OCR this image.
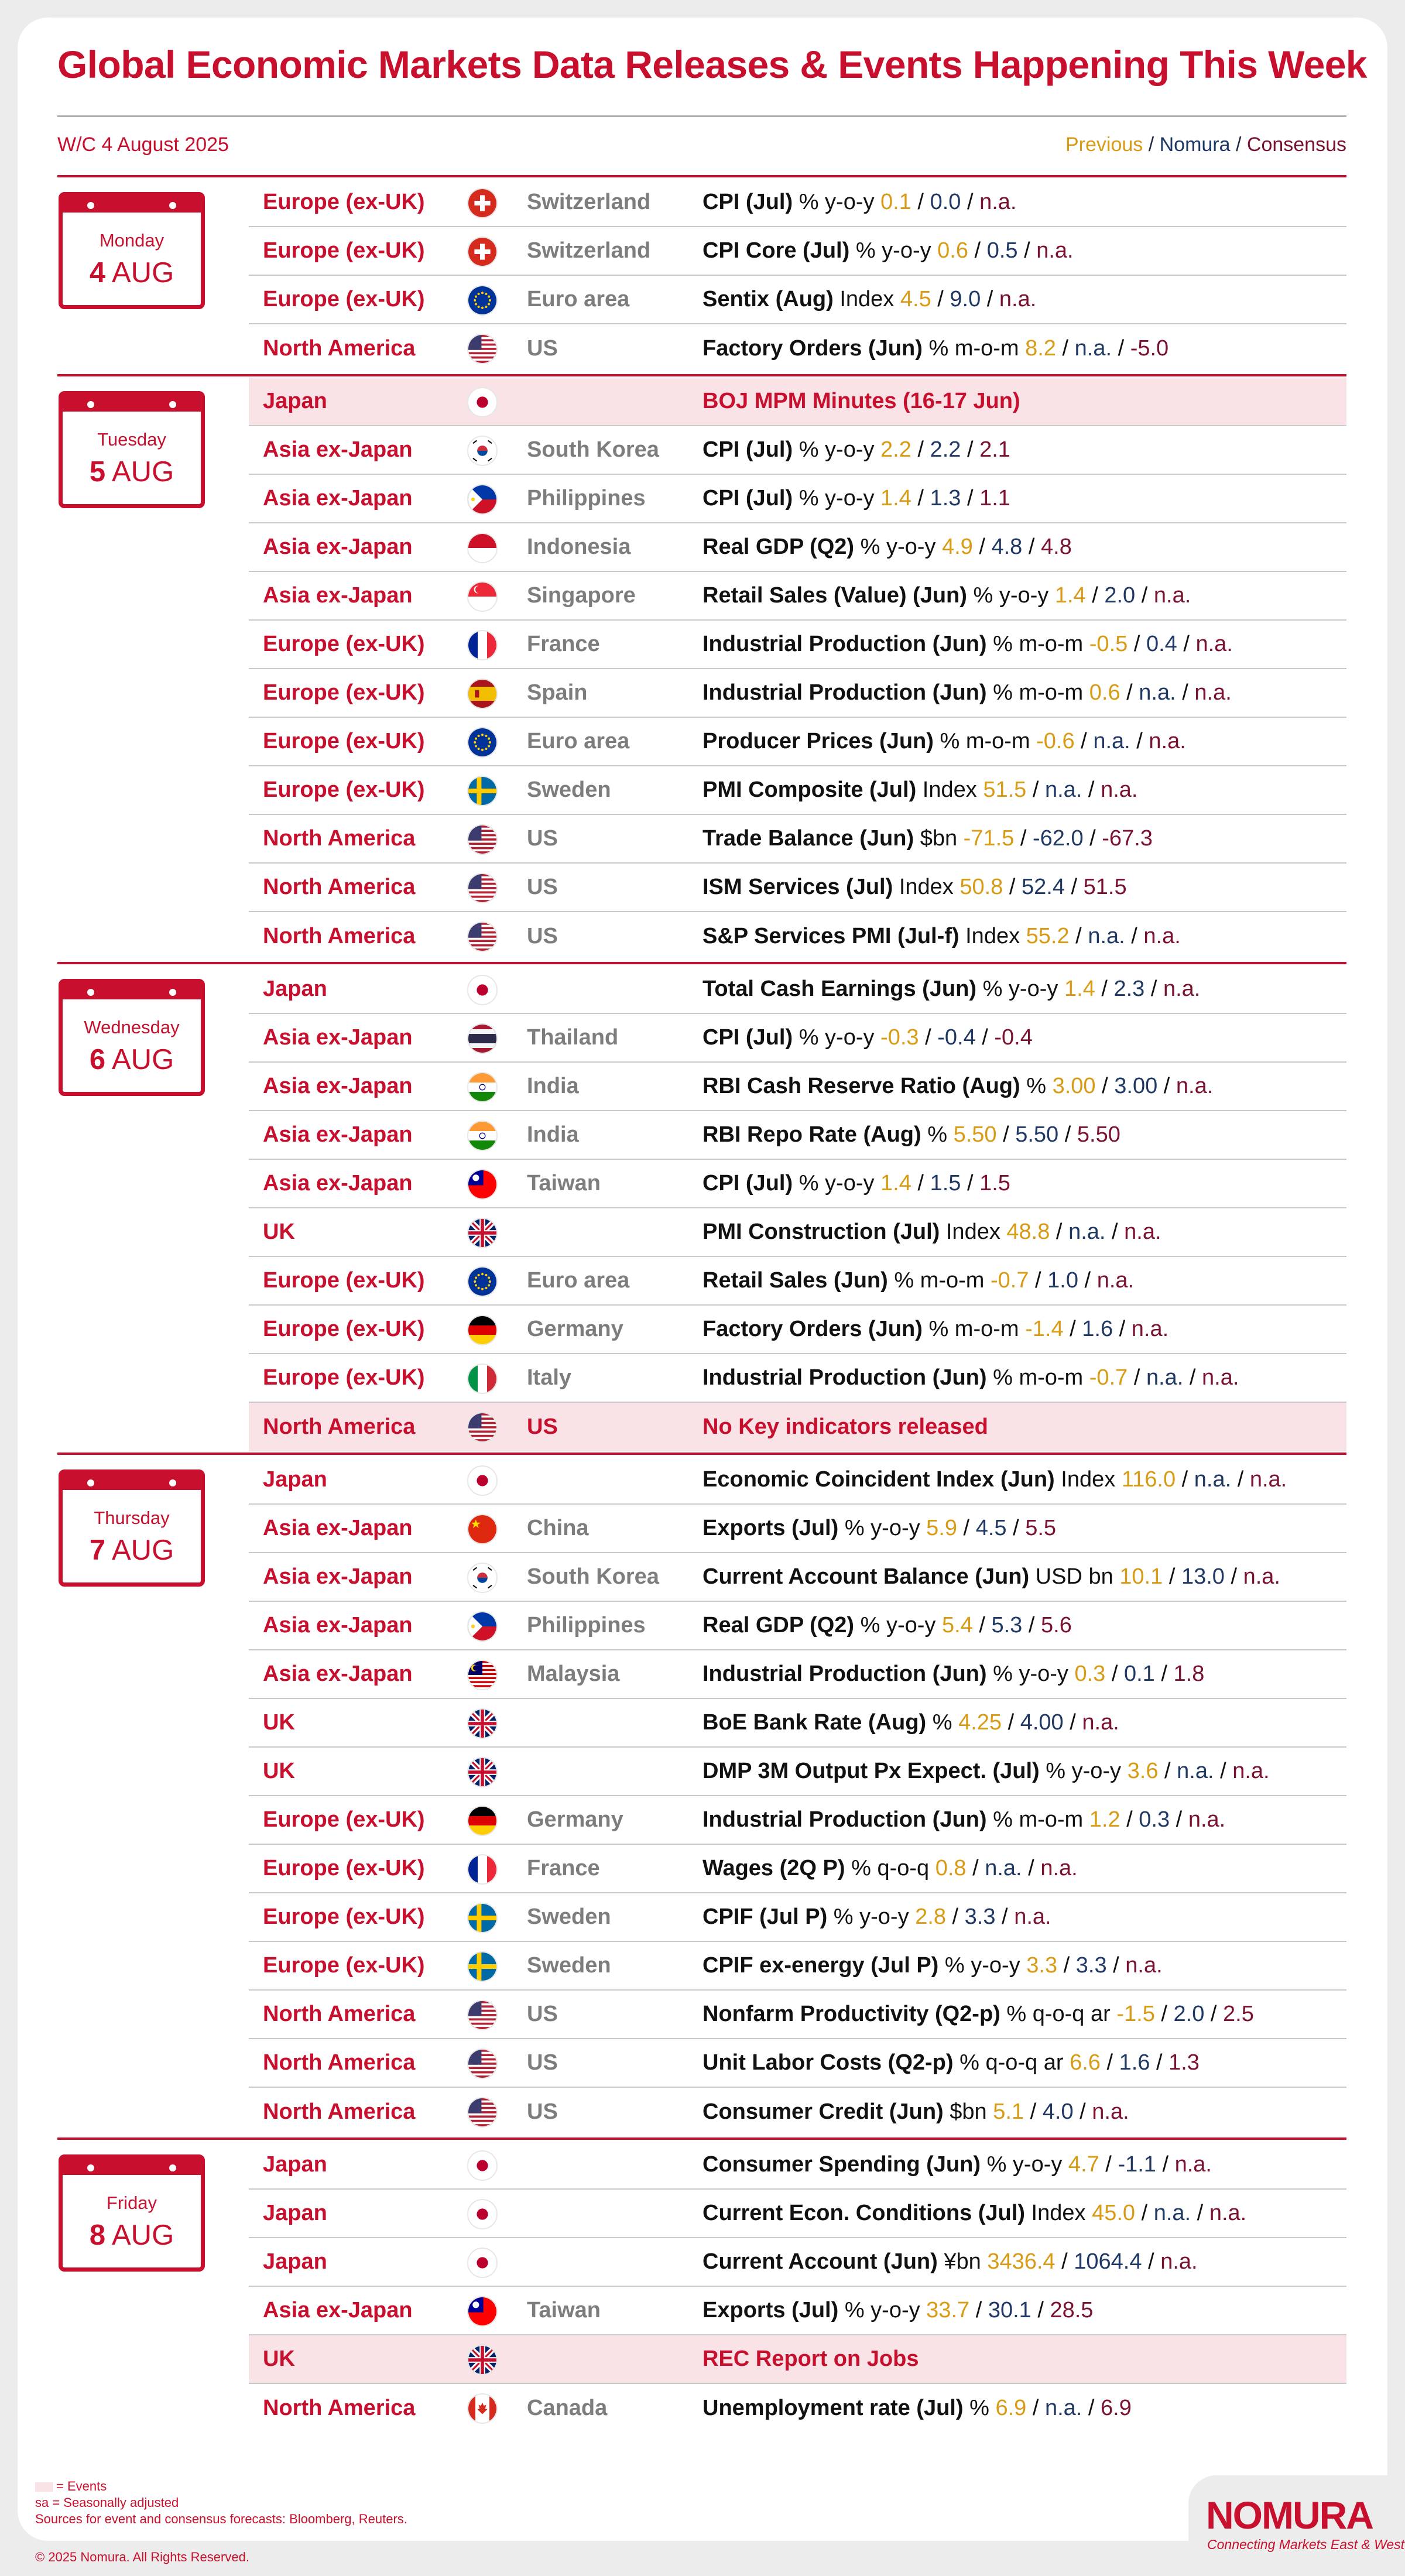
Global Economic Markets Data Releases & Events Happening This Week
W/C 4 August 2025	Previous / Nomura / Consensus
Monday
4 AUG
Europe (ex-UK)	Switzerland CPI (Jul) % y-o-y 0.1 / 0.0 / n.a.
Europe (ex-UK)	Switzerland CPI Core (Jul) % y-o-y 0.6 / 0.5 / n.a.
Europe (ex-UK)	Euro area	Sentix (Aug) Index 4.5 / 9.0 / n.a.
North America	US	Factory Orders (Jun) % m-o-m 8.2 / n.a. / -5.0
Tuesday
5 AUG
Japan	BOJ MPM Minutes (16-17 Jun)
Asia ex-Japan	South Korea CPI (Jul) % y-o-y 2.2 / 2.2 / 2.1
Asia ex-Japan	Philippines	CPI (Jul) % y-o-y 1.4 / 1.3 / 1.1
Asia ex-Japan	Indonesia	Real GDP (Q2) % y-o-y 4.9 / 4.8 / 4.8
Asia ex-Japan	Singapore	Retail Sales (Value) (Jun) % y-o-y 1.4 / 2.0 / n.a.
Europe (ex-UK)	France	Industrial Production (Jun) % m-o-m -0.5 / 0.4 / n.a.
Europe (ex-UK)	Spain	Industrial Production (Jun) % m-o-m 0.6 / n.a. / n.a.
Europe (ex-UK)	Euro area	Producer Prices (Jun) % m-o-m -0.6 / n.a. / n.a.
Europe (ex-UK)	Sweden	PMI Composite (Jul) Index 51.5 / n.a. / n.a.
North America	US	Trade Balance (Jun) $bn -71.5 / -62.0 / -67.3
North America	US	ISM Services (Jul) Index 50.8 / 52.4 / 51.5
North America	US	S&P Services PMI (Jul-f) Index 55.2 / n.a. / n.a.
Wednesday
6 AUG
Japan	Total Cash Earnings (Jun) % y-o-y 1.4 / 2.3 / n.a.
Asia ex-Japan	Thailand	CPI (Jul) % y-o-y -0.3 / -0.4 / -0.4
Asia ex-Japan	India	RBI Cash Reserve Ratio (Aug) % 3.00 / 3.00 / n.a.
Asia ex-Japan	India	RBI Repo Rate (Aug) % 5.50 / 5.50 / 5.50
Asia ex-Japan	Taiwan	CPI (Jul) % y-o-y 1.4 / 1.5 / 1.5
UK	PMI Construction (Jul) Index 48.8 / n.a. / n.a.
Europe (ex-UK)	Euro area	Retail Sales (Jun) % m-o-m -0.7 / 1.0 / n.a.
Europe (ex-UK)	Germany	Factory Orders (Jun) % m-o-m -1.4 / 1.6 / n.a.
Europe (ex-UK)	Italy	Industrial Production (Jun) % m-o-m -0.7 / n.a. / n.a.
North America	US	No Key indicators released
Thursday
7 AUG
Japan	Economic Coincident Index (Jun) Index 116.0 / n.a. / n.a.
Asia ex-Japan	China	Exports (Jul) % y-o-y 5.9 / 4.5 / 5.5
Asia ex-Japan	South Korea Current Account Balance (Jun) USD bn 10.1 / 13.0 / n.a.
Asia ex-Japan	Philippines	Real GDP (Q2) % y-o-y 5.4 / 5.3 / 5.6
Asia ex-Japan	Malaysia	Industrial Production (Jun) % y-o-y 0.3 / 0.1 / 1.8
UK	BoE Bank Rate (Aug) % 4.25 / 4.00 / n.a.
UK	DMP 3M Output Px Expect. (Jul) % y-o-y 3.6 / n.a. / n.a.
Europe (ex-UK)	Germany	Industrial Production (Jun) % m-o-m 1.2 / 0.3 / n.a.
Europe (ex-UK)	France	Wages (2Q P) % q-o-q 0.8 / n.a. / n.a.
Europe (ex-UK)	Sweden	CPIF (Jul P) % y-o-y 2.8 / 3.3 / n.a.
Europe (ex-UK)	Sweden	CPIF ex-energy (Jul P) % y-o-y 3.3 / 3.3 / n.a.
North America	US	Nonfarm Productivity (Q2-p) % q-o-q ar -1.5 / 2.0 / 2.5
North America	US	Unit Labor Costs (Q2-p) % q-o-q ar 6.6 / 1.6 / 1.3
North America	US	Consumer Credit (Jun) $bn 5.1 / 4.0 / n.a.
Friday
8 AUG
Japan	Consumer Spending (Jun) % y-o-y 4.7 / -1.1 / n.a.
Japan	Current Econ. Conditions (Jul) Index 45.0 / n.a. / n.a.
Japan	Current Account (Jun) ¥bn 3436.4 / 1064.4 / n.a.
Asia ex-Japan	Taiwan	Exports (Jul) % y-o-y 33.7 / 30.1 / 28.5
UK	REC Report on Jobs
North America	Canada	Unemployment rate (Jul) % 6.9 / n.a. / 6.9
= Events
sa = Seasonally adjusted
Sources for event and consensus forecasts: Bloomberg, Reuters.
© 2025 Nomura. All Rights Reserved.
NOMURA
Connecting Markets East & West
